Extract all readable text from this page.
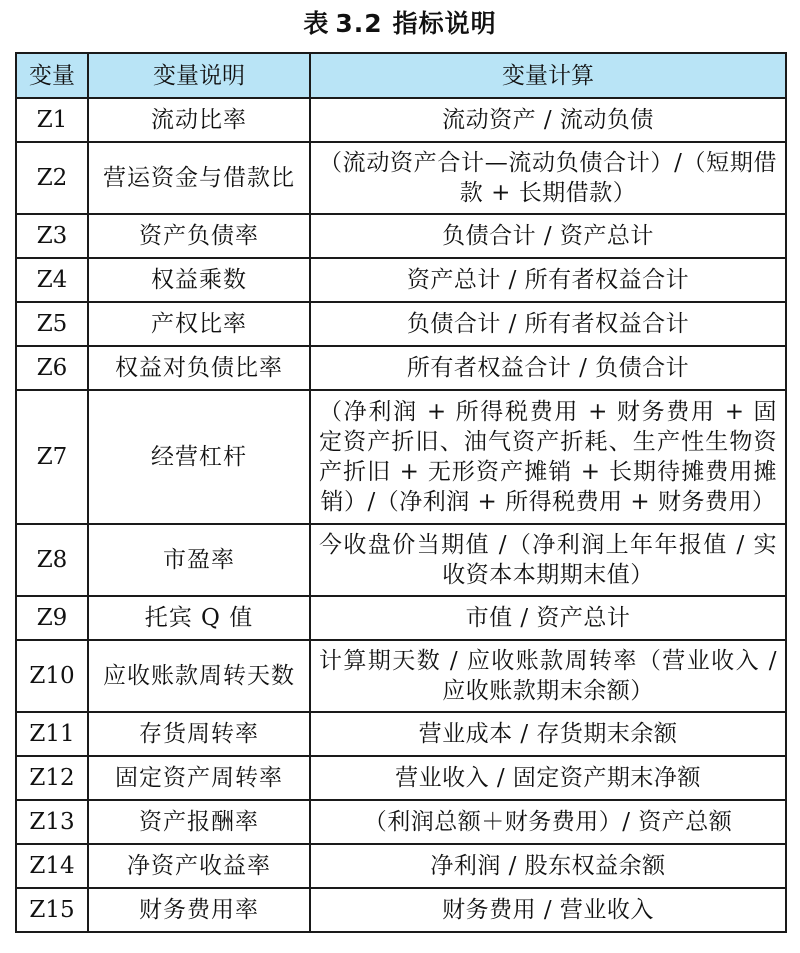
表 3.2 指标说明
变量	变量说明	变量计算
Z1	流动比率	流动资产 / 流动负债
Z2	营运资金与借款比	（流动资产合计—流动负债合计）/（短期借款 + 长期借款）
Z3	资产负债率	负债合计 / 资产总计
Z4	权益乘数	资产总计 / 所有者权益合计
Z5	产权比率	负债合计 / 所有者权益合计
Z6	权益对负债比率	所有者权益合计 / 负债合计
Z7	经营杠杆	（净利润 + 所得税费用 + 财务费用 + 固定资产折旧、油气资产折耗、生产性生物资产折旧 + 无形资产摊销 + 长期待摊费用摊销）/（净利润 + 所得税费用 + 财务费用）
Z8	市盈率	今收盘价当期值 /（净利润上年年报值 / 实收资本本期期末值）
Z9	托宾 Q 值	市值 / 资产总计
Z10	应收账款周转天数	计算期天数 / 应收账款周转率（营业收入 / 应收账款期末余额）
Z11	存货周转率	营业成本 / 存货期末余额
Z12	固定资产周转率	营业收入 / 固定资产期末净额
Z13	资产报酬率	（利润总额＋财务费用）/ 资产总额
Z14	净资产收益率	净利润 / 股东权益余额
Z15	财务费用率	财务费用 / 营业收入
